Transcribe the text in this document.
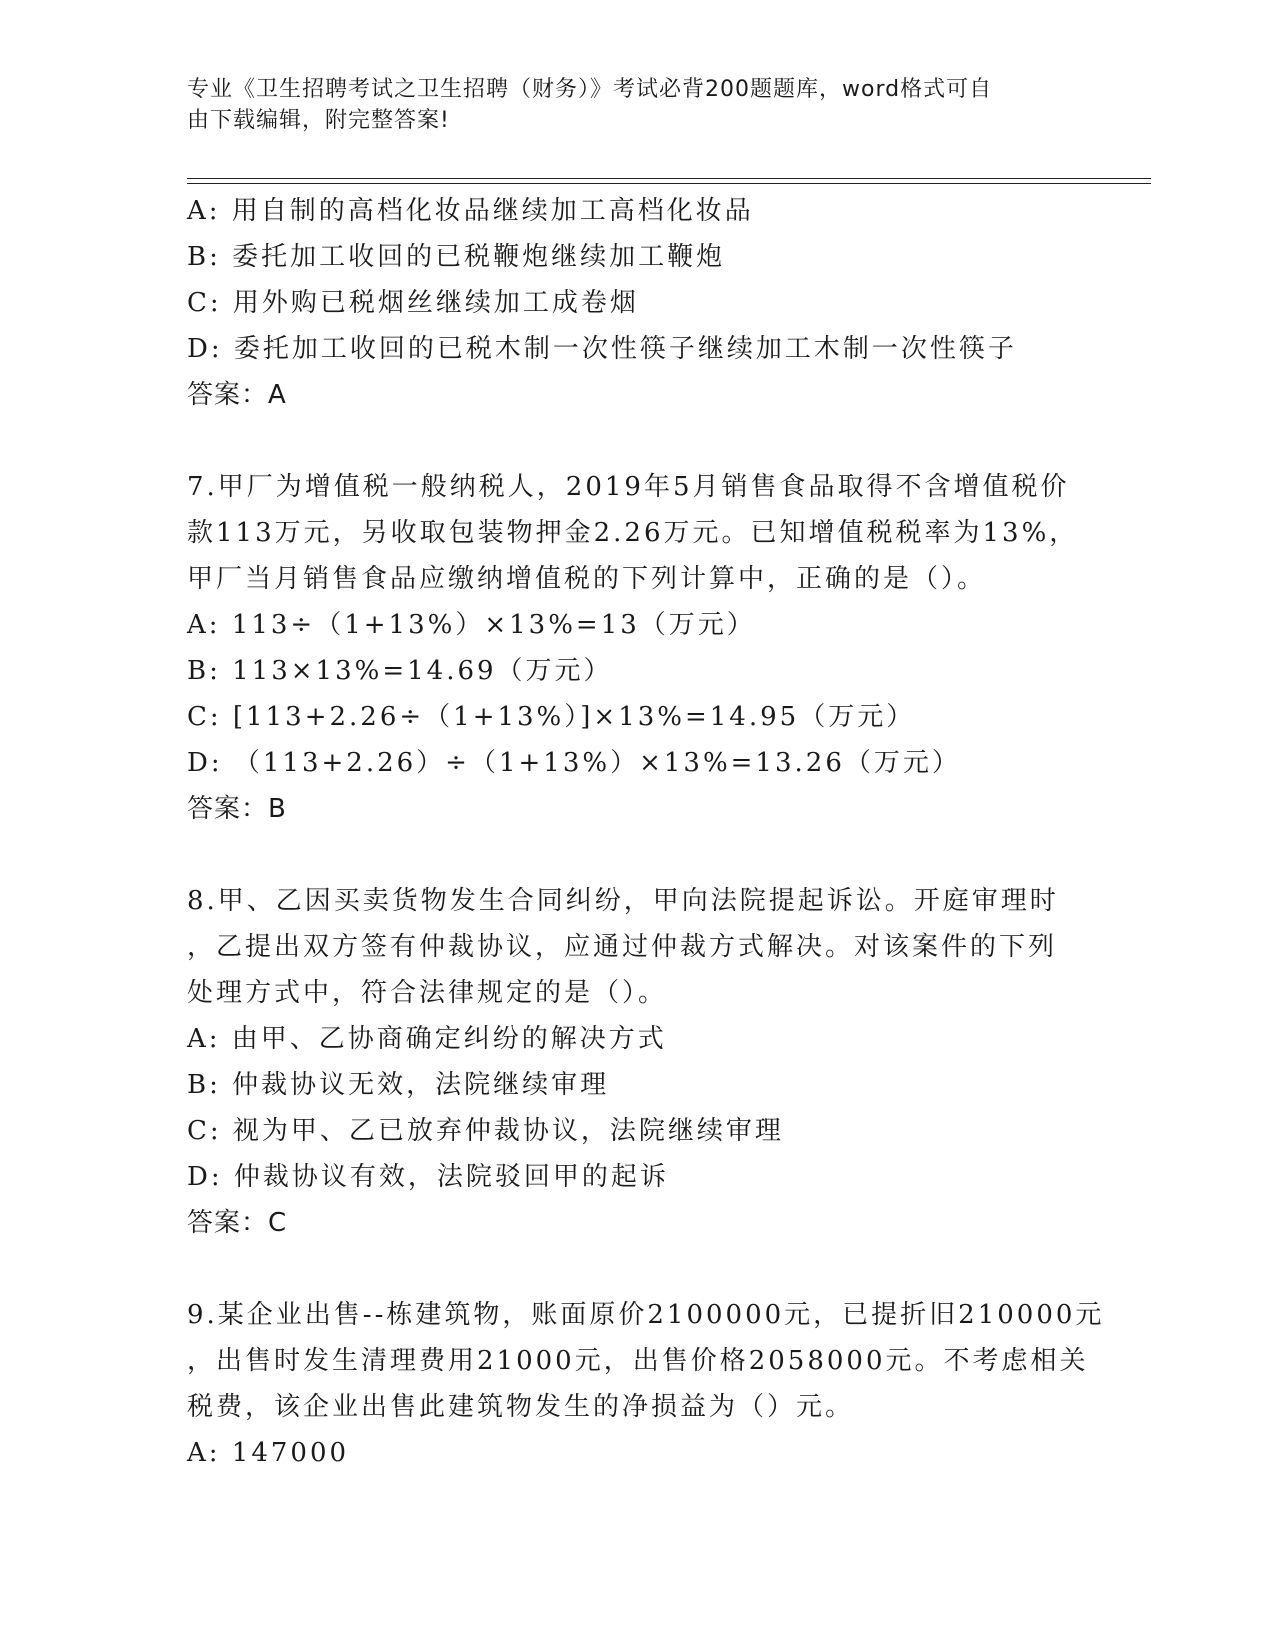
专业《卫生招聘考试之卫生招聘（财务）》考试必背200题题库，word格式可自
由下载编辑，附完整答案!
A: 用自制的高档化妆品继续加工高档化妆品
B: 委托加工收回的已税鞭炮继续加工鞭炮
C: 用外购已税烟丝继续加工成卷烟
D: 委托加工收回的已税木制一次性筷子继续加工木制一次性筷子
答案：A
7.甲厂为增值税一般纳税人，2019年5月销售食品取得不含增值税价
款113万元，另收取包装物押金2.26万元。已知增值税税率为13%，
甲厂当月销售食品应缴纳增值税的下列计算中，正确的是（）。
A: 113÷（1+13%）×13%=13（万元）
B: 113×13%=14.69（万元）
C: [113+2.26÷（1+13%）]×13%=14.95（万元）
D: （113+2.26）÷（1+13%）×13%=13.26（万元）
答案：B
8.甲、乙因买卖货物发生合同纠纷，甲向法院提起诉讼。开庭审理时
，乙提出双方签有仲裁协议，应通过仲裁方式解决。对该案件的下列
处理方式中，符合法律规定的是（）。
A: 由甲、乙协商确定纠纷的解决方式
B: 仲裁协议无效，法院继续审理
C: 视为甲、乙已放弃仲裁协议，法院继续审理
D: 仲裁协议有效，法院驳回甲的起诉
答案：C
9.某企业出售--栋建筑物，账面原价2100000元，已提折旧210000元
，出售时发生清理费用21000元，出售价格2058000元。不考虑相关
税费，该企业出售此建筑物发生的净损益为（）元。
A: 147000
